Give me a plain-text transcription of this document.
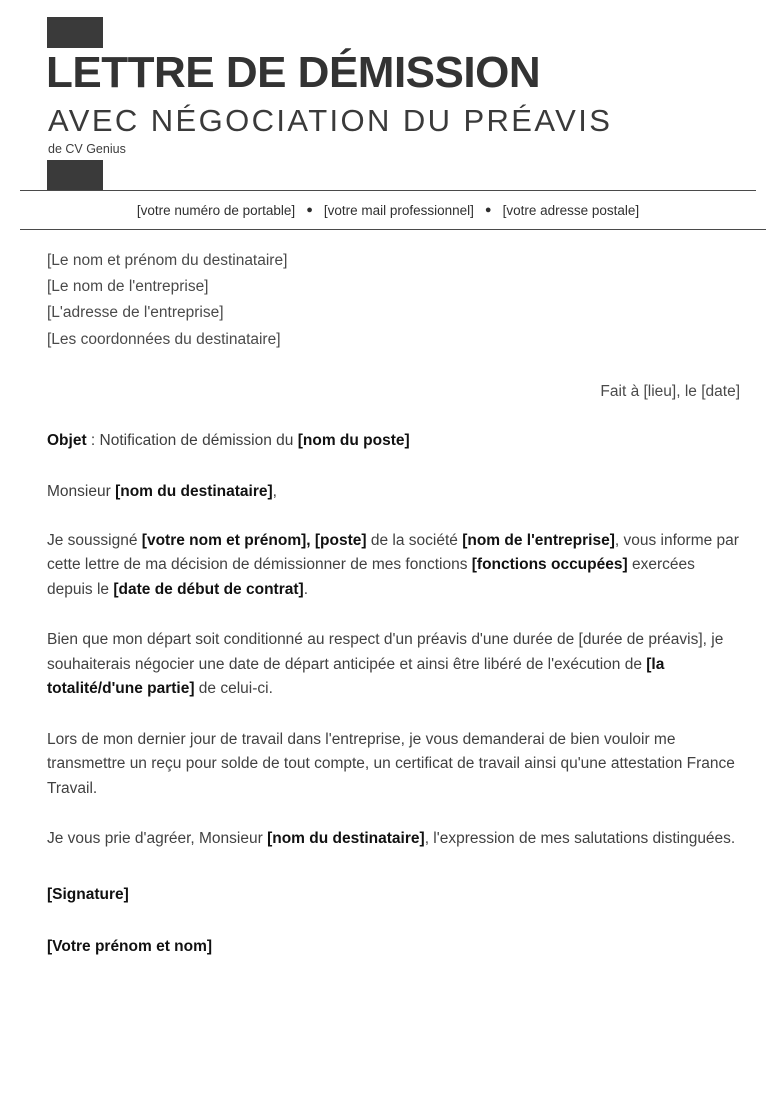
LETTRE DE DÉMISSION
AVEC NÉGOCIATION DU PRÉAVIS
de CV Genius
[votre numéro de portable] ● [votre mail professionnel] ● [votre adresse postale]
[Le nom et prénom du destinataire]
[Le nom de l'entreprise]
[L'adresse de l'entreprise]
[Les coordonnées du destinataire]
Fait à [lieu], le [date]
Objet : Notification de démission du [nom du poste]
Monsieur [nom du destinataire],
Je soussigné [votre nom et prénom], [poste] de la société [nom de l'entreprise], vous informe par cette lettre de ma décision de démissionner de mes fonctions [fonctions occupées] exercées depuis le [date de début de contrat].
Bien que mon départ soit conditionné au respect d'un préavis d'une durée de [durée de préavis], je souhaiterais négocier une date de départ anticipée et ainsi être libéré de l'exécution de [la totalité/d'une partie] de celui-ci.
Lors de mon dernier jour de travail dans l'entreprise, je vous demanderai de bien vouloir me transmettre un reçu pour solde de tout compte, un certificat de travail ainsi qu'une attestation France Travail.
Je vous prie d'agréer, Monsieur [nom du destinataire], l'expression de mes salutations distinguées.
[Signature]
[Votre prénom et nom]
